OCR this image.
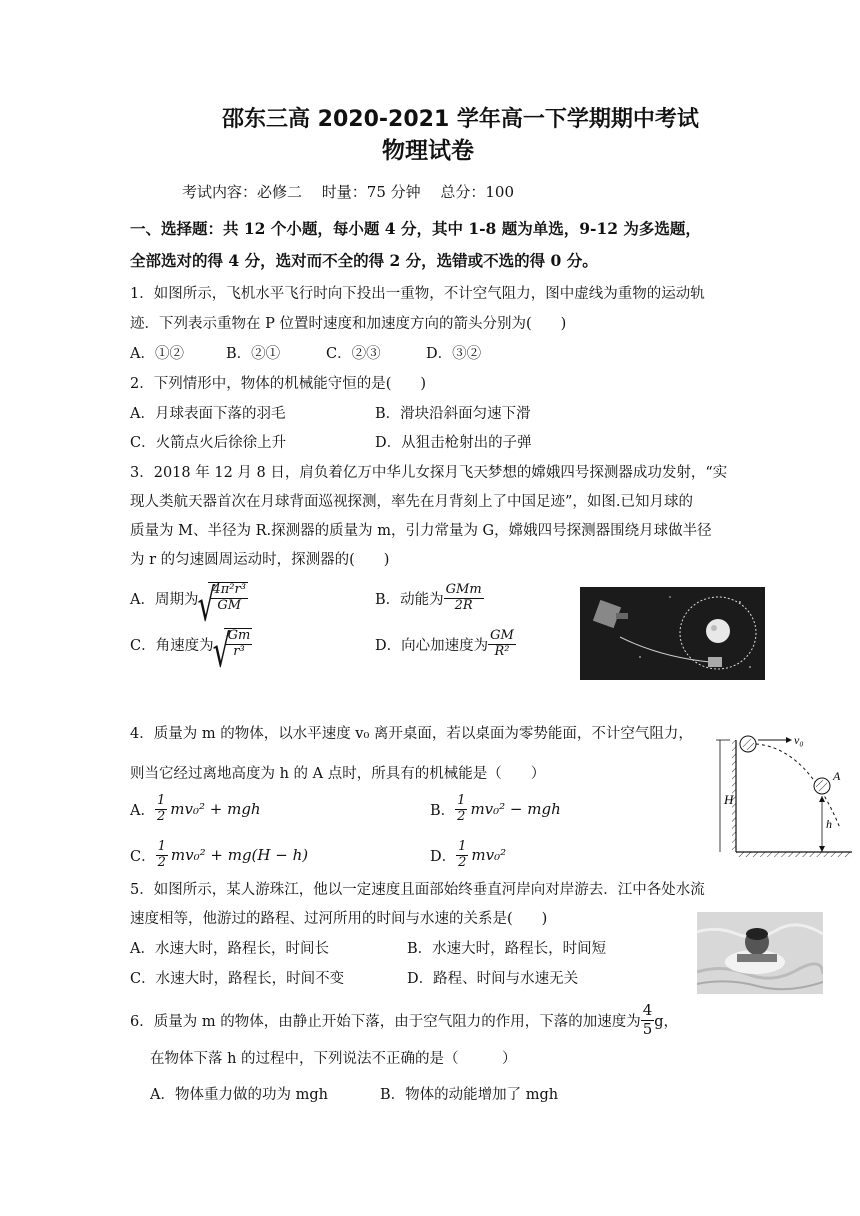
邵东三高 2020-2021 学年高一下学期期中考试
物理试卷
考试内容：必修二　 时量：75 分钟　 总分：100
一、选择题：共 12 个小题，每小题 4 分，其中 1-8 题为单选，9-12 为多选题，
全部选对的得 4 分，选对而不全的得 2 分，选错或不选的得 0 分。
1．如图所示，飞机水平飞行时向下投出一重物，不计空气阻力，图中虚线为重物的运动轨
迹．下列表示重物在 P 位置时速度和加速度方向的箭头分别为(　　)
A．①②	B．②①	C．②③	D．③②
2．下列情形中，物体的机械能守恒的是(　　)
A．月球表面下落的羽毛	B．滑块沿斜面匀速下滑
C．火箭点火后徐徐上升	D．从狙击枪射出的子弹
3．2018 年 12 月 8 日，肩负着亿万中华儿女探月飞天梦想的嫦娥四号探测器成功发射，“实
现人类航天器首次在月球背面巡视探测，率先在月背刻上了中国足迹”，如图.已知月球的
质量为 M、半径为 R.探测器的质量为 m，引力常量为 G，嫦娥四号探测器围绕月球做半径
为 r 的匀速圆周运动时，探测器的(　　)
A．周期为 √ $\frac{\text{4π²r³}}{GM}$	B．动能为 $\frac{\text{GMm}}{2R}$
C．角速度为 √ $\frac{Gm}{\text{r³}}$	D．向心加速度为 $\frac{GM}{\text{R²}}$
4．质量为 m 的物体，以水平速度 v₀ 离开桌面，若以桌面为零势能面，不计空气阻力，
则当它经过离地高度为 h 的 A 点时，所具有的机械能是（　　）
A． $\frac{1}{2} mv_0^2$ + mgh	B． $\frac{1}{2} mv_0^2$ − mgh
C． $\frac{1}{2} mv_0^2 + mg(H - h)$	D． $\frac{1}{2} mv_0^2$
v₀
A
H
h
5．如图所示，某人游珠江，他以一定速度且面部始终垂直河岸向对岸游去．江中各处水流
速度相等，他游过的路程、过河所用的时间与水速的关系是(　　)
A．水速大时，路程长，时间长	B．水速大时，路程长，时间短
C．水速大时，路程长，时间不变	D．路程、时间与水速无关
6．质量为 m 的物体，由静止开始下落，由于空气阻力的作用，下落的加速度为 $\frac{4}{5}$ g，
在物体下落 h 的过程中，下列说法不正确的是（　　　）
A．物体重力做的功为 mgh	B．物体的动能增加了 mgh
